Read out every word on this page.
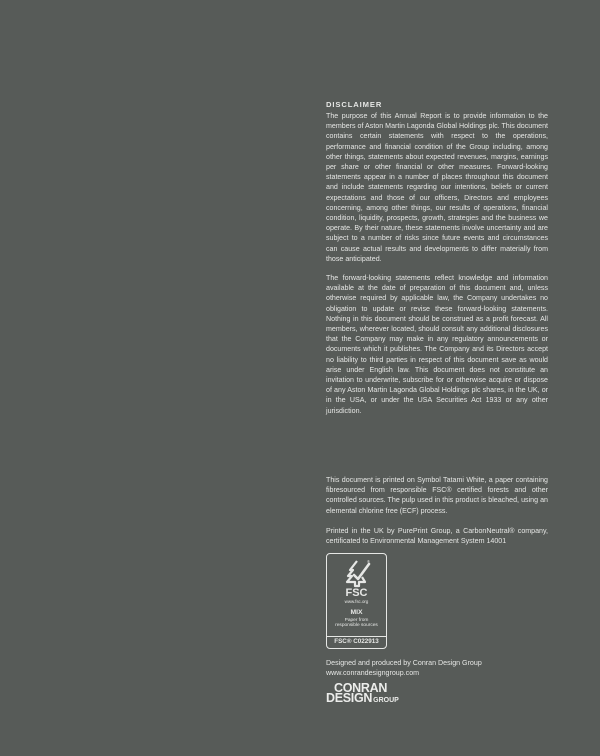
DISCLAIMER

The purpose of this Annual Report is to provide information to the members of Aston Martin Lagonda Global Holdings plc. This document contains certain statements with respect to the operations, performance and financial condition of the Group including, among other things, statements about expected revenues, margins, earnings per share or other financial or other measures. Forward-looking statements appear in a number of places throughout this document and include statements regarding our intentions, beliefs or current expectations and those of our officers, Directors and employees concerning, among other things, our results of operations, financial condition, liquidity, prospects, growth, strategies and the business we operate. By their nature, these statements involve uncertainty and are subject to a number of risks since future events and circumstances can cause actual results and developments to differ materially from those anticipated.

The forward-looking statements reflect knowledge and information available at the date of preparation of this document and, unless otherwise required by applicable law, the Company undertakes no obligation to update or revise these forward-looking statements. Nothing in this document should be construed as a profit forecast. All members, wherever located, should consult any additional disclosures that the Company may make in any regulatory announcements or documents which it publishes. The Company and its Directors accept no liability to third parties in respect of this document save as would arise under English law. This document does not constitute an invitation to underwrite, subscribe for or otherwise acquire or dispose of any Aston Martin Lagonda Global Holdings plc shares, in the UK, or in the USA, or under the USA Securities Act 1933 or any other jurisdiction.

This document is printed on Symbol Tatami White, a paper containing fibresourced from responsible FSC® certified forests and other controlled sources. The pulp used in this product is bleached, using an elemental chlorine free (ECF) process.

Printed in the UK by PurePrint Group, a CarbonNeutral® company, certificated to Environmental Management System 14001

®
FSC
www.fsc.org
MIX
Paper from
responsible sources
FSC® C022913
Designed and produced by Conran Design Group
www.conrandesigngroup.com
CONRAN
DESIGNGROUP
